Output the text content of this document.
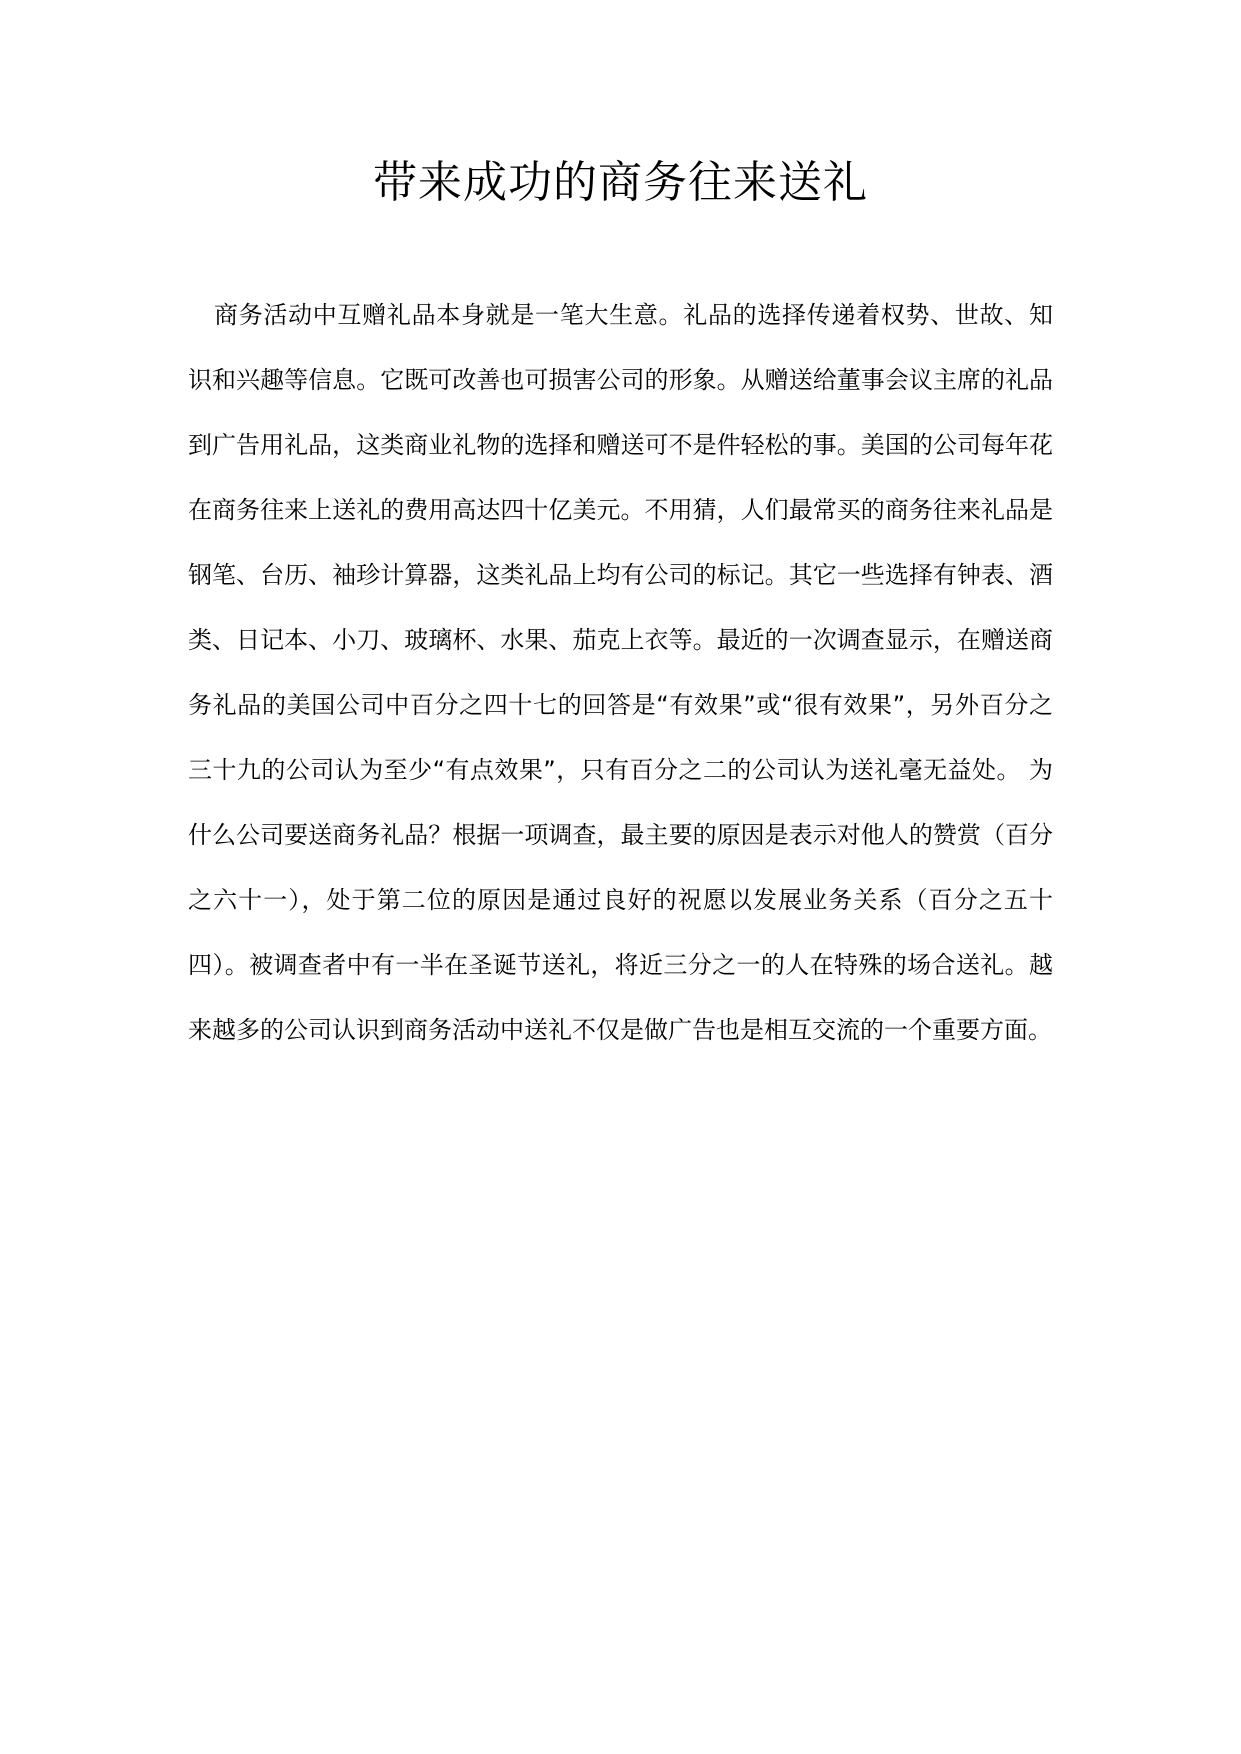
带来成功的商务往来送礼

商务活动中互赠礼品本身就是一笔大生意。礼品的选择传递着权势、世故、知识和兴趣等信息。它既可改善也可损害公司的形象。从赠送给董事会议主席的礼品到广告用礼品，这类商业礼物的选择和赠送可不是件轻松的事。美国的公司每年花在商务往来上送礼的费用高达四十亿美元。不用猜，人们最常买的商务往来礼品是钢笔、台历、袖珍计算器，这类礼品上均有公司的标记。其它一些选择有钟表、酒类、日记本、小刀、玻璃杯、水果、茄克上衣等。最近的一次调查显示，在赠送商务礼品的美国公司中百分之四十七的回答是“有效果”或“很有效果”，另外百分之三十九的公司认为至少“有点效果”，只有百分之二的公司认为送礼毫无益处。 为什么公司要送商务礼品？根据一项调查，最主要的原因是表示对他人的赞赏（百分之六十一），处于第二位的原因是通过良好的祝愿以发展业务关系（百分之五十四）。被调查者中有一半在圣诞节送礼，将近三分之一的人在特殊的场合送礼。越来越多的公司认识到商务活动中送礼不仅是做广告也是相互交流的一个重要方面。
